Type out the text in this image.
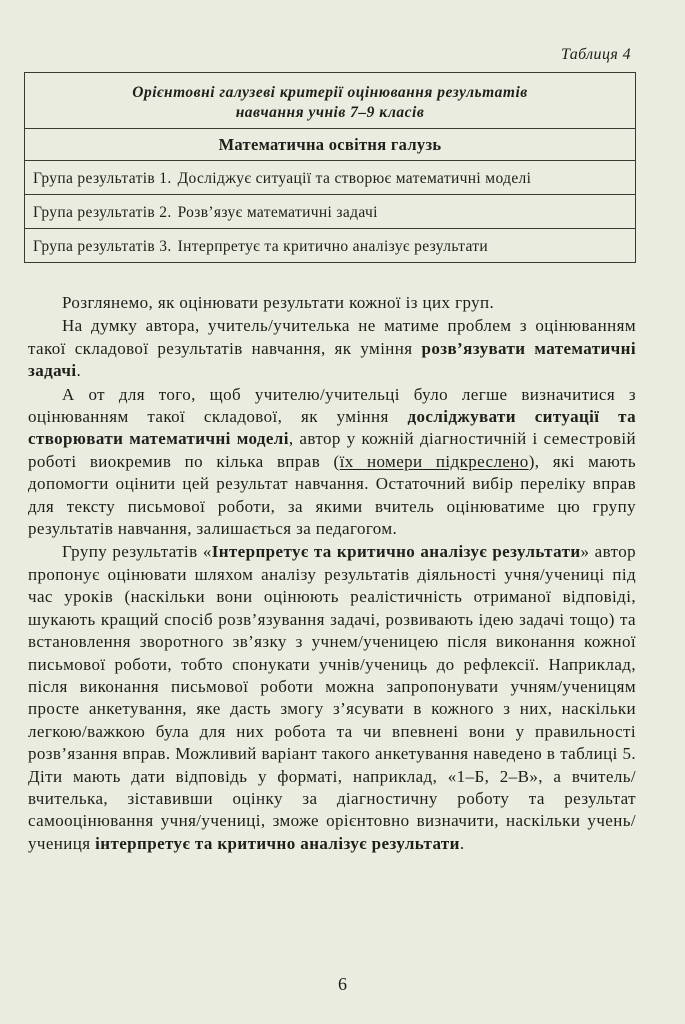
Таблиця 4
Орієнтовні галузеві критерії оцінювання результатів
навчання учнів 7–9 класів

Математична освітня галузь

Група результатів 1. Досліджує ситуації та створює математичні моделі

Група результатів 2. Розв’язує математичні задачі

Група результатів 3. Інтерпретує та критично аналізує результати

Розглянемо, як оцінювати результати кожної із цих груп.

На думку автора, учитель/учителька не матиме проблем з оцінюванням такої складової результатів навчання, як уміння розв’язувати математичні задачі.

А от для того, щоб учителю/учительці було легше визначитися з оцінюванням такої складової, як уміння досліджувати ситуації та створювати математичні моделі, автор у кожній діагностичній і семестровій роботі виокремив по кілька вправ (їх номери підкреслено), які мають допомогти оцінити цей результат навчання. Остаточний вибір переліку вправ для тексту письмової роботи, за якими вчитель оцінюватиме цю групу результатів навчання, залишається за педагогом.

Групу результатів «Інтерпретує та критично аналізує результати» автор пропонує оцінювати шляхом аналізу результатів діяльності учня/учениці під час уроків (наскільки вони оцінюють реалістичність отриманої відповіді, шукають кращий спосіб розв’язування задачі, розвивають ідею задачі тощо) та встановлення зворотного зв’язку з учнем/ученицею після виконання кожної письмової роботи, тобто спонукати учнів/учениць до рефлексії. Наприклад, після виконання письмової роботи можна запропонувати учням/ученицям просте анкетування, яке дасть змогу з’ясувати в кожного з них, наскільки легкою/важкою була для них робота та чи впевнені вони у правильності розв’язання вправ. Можливий варіант такого анкетування наведено в таблиці 5. Діти мають дати відповідь у форматі, наприклад, «1–Б, 2–В», а вчитель/вчителька, зіставивши оцінку за діагностичну роботу та результат самооцінювання учня/учениці, зможе орієнтовно визначити, наскільки учень/учениця інтерпретує та критично аналізує результати.

6
